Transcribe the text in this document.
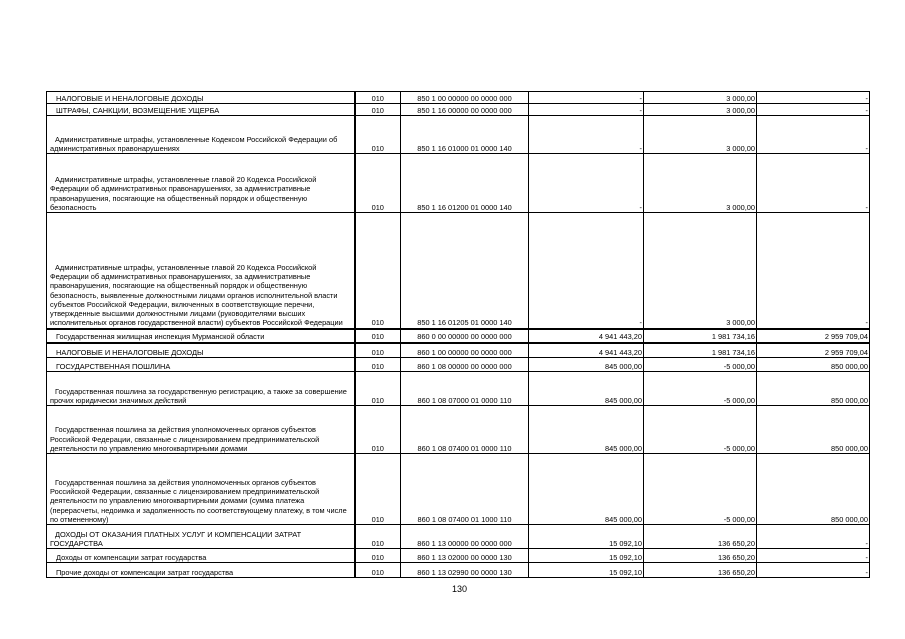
НАЛОГОВЫЕ И НЕНАЛОГОВЫЕ ДОХОДЫ	010	850 1 00 00000 00 0000 000	-	3 000,00	-

ШТРАФЫ, САНКЦИИ, ВОЗМЕЩЕНИЕ УЩЕРБА	010	850 1 16 00000 00 0000 000	-	3 000,00	-

Административные штрафы, установленные Кодексом Российской Федерации об административных правонарушениях	010	850 1 16 01000 01 0000 140	-	3 000,00	-

Административные штрафы, установленные главой 20 Кодекса Российской Федерации об административных правонарушениях, за административные правонарушения, посягающие на общественный порядок и общественную безопасность	010	850 1 16 01200 01 0000 140	-	3 000,00	-

Административные штрафы, установленные главой 20 Кодекса Российской Федерации об административных правонарушениях, за административные правонарушения, посягающие на общественный порядок и общественную безопасность, выявленные должностными лицами органов исполнительной власти субъектов Российской Федерации, включенных в соответствующие перечни, утвержденные высшими должностными лицами (руководителями высших исполнительных органов государственной власти) субъектов Российской Федерации	010	850 1 16 01205 01 0000 140	-	3 000,00	-

Государственная жилищная инспекция Мурманской области	010	860 0 00 00000 00 0000 000	4 941 443,20	1 981 734,16	2 959 709,04

НАЛОГОВЫЕ И НЕНАЛОГОВЫЕ ДОХОДЫ	010	860 1 00 00000 00 0000 000	4 941 443,20	1 981 734,16	2 959 709,04

ГОСУДАРСТВЕННАЯ ПОШЛИНА	010	860 1 08 00000 00 0000 000	845 000,00	-5 000,00	850 000,00

Государственная пошлина за государственную регистрацию, а также за совершение прочих юридически значимых действий	010	860 1 08 07000 01 0000 110	845 000,00	-5 000,00	850 000,00

Государственная пошлина за действия уполномоченных органов субъектов Российской Федерации, связанные с лицензированием предпринимательской деятельности по управлению многоквартирными домами	010	860 1 08 07400 01 0000 110	845 000,00	-5 000,00	850 000,00

Государственная пошлина за действия уполномоченных органов субъектов Российской Федерации, связанные с лицензированием предпринимательской деятельности по управлению многоквартирными домами (сумма платежа (перерасчеты, недоимка и задолженность по соответствующему платежу, в том числе по отмененному)	010	860 1 08 07400 01 1000 110	845 000,00	-5 000,00	850 000,00

ДОХОДЫ ОТ ОКАЗАНИЯ ПЛАТНЫХ УСЛУГ И КОМПЕНСАЦИИ ЗАТРАТ ГОСУДАРСТВА	010	860 1 13 00000 00 0000 000	15 092,10	136 650,20	-

Доходы от компенсации затрат государства	010	860 1 13 02000 00 0000 130	15 092,10	136 650,20	-

Прочие доходы от компенсации затрат государства	010	860 1 13 02990 00 0000 130	15 092,10	136 650,20	-
130
